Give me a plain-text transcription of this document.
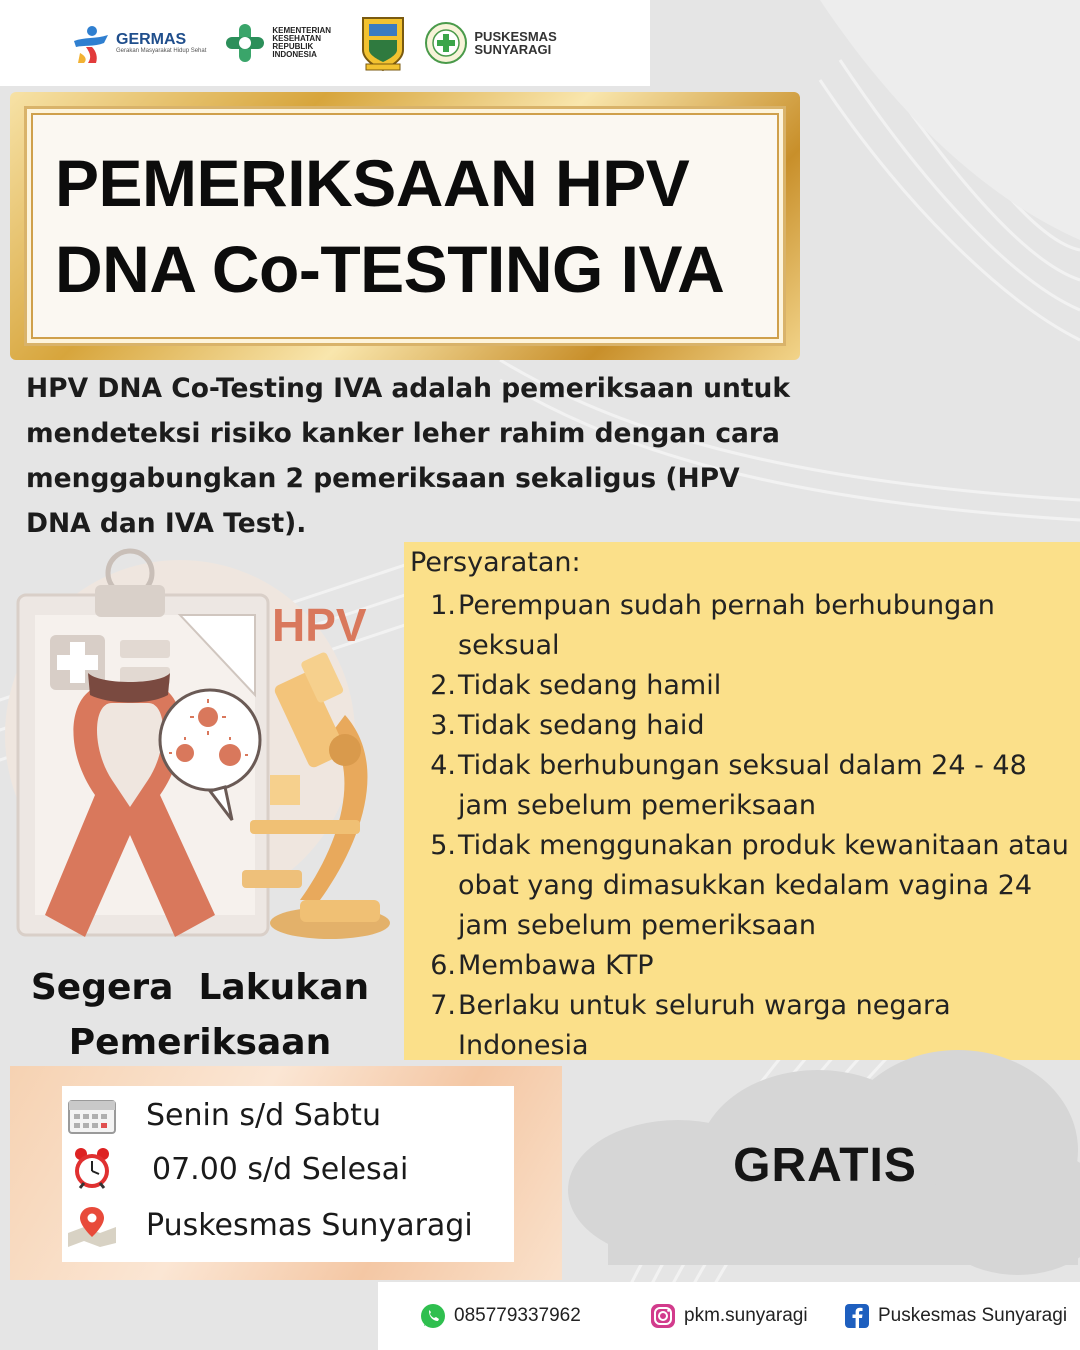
GERMAS
Gerakan Masyarakat Hidup Sehat
KEMENTERIAN KESEHATAN REPUBLIK INDONESIA
PUSKESMAS SUNYARAGI
PEMERIKSAAN HPV
DNA Co-TESTING IVA
HPV DNA Co-Testing IVA adalah pemeriksaan untuk mendeteksi risiko kanker leher rahim dengan cara menggabungkan 2 pemeriksaan sekaligus (HPV DNA dan IVA Test).
HPV
Segera  Lakukan
Pemeriksaan
Persyaratan:
1. Perempuan sudah pernah berhubungan seksual
2. Tidak sedang hamil
3. Tidak sedang haid
4. Tidak berhubungan seksual dalam 24 - 48 jam sebelum pemeriksaan
5. Tidak menggunakan produk kewanitaan atau obat yang dimasukkan kedalam vagina 24 jam sebelum pemeriksaan
6. Membawa KTP
7. Berlaku untuk seluruh warga negara Indonesia
Senin s/d Sabtu
07.00 s/d Selesai
Puskesmas Sunyaragi
GRATIS
085779337962	pkm.sunyaragi	Puskesmas Sunyaragi
